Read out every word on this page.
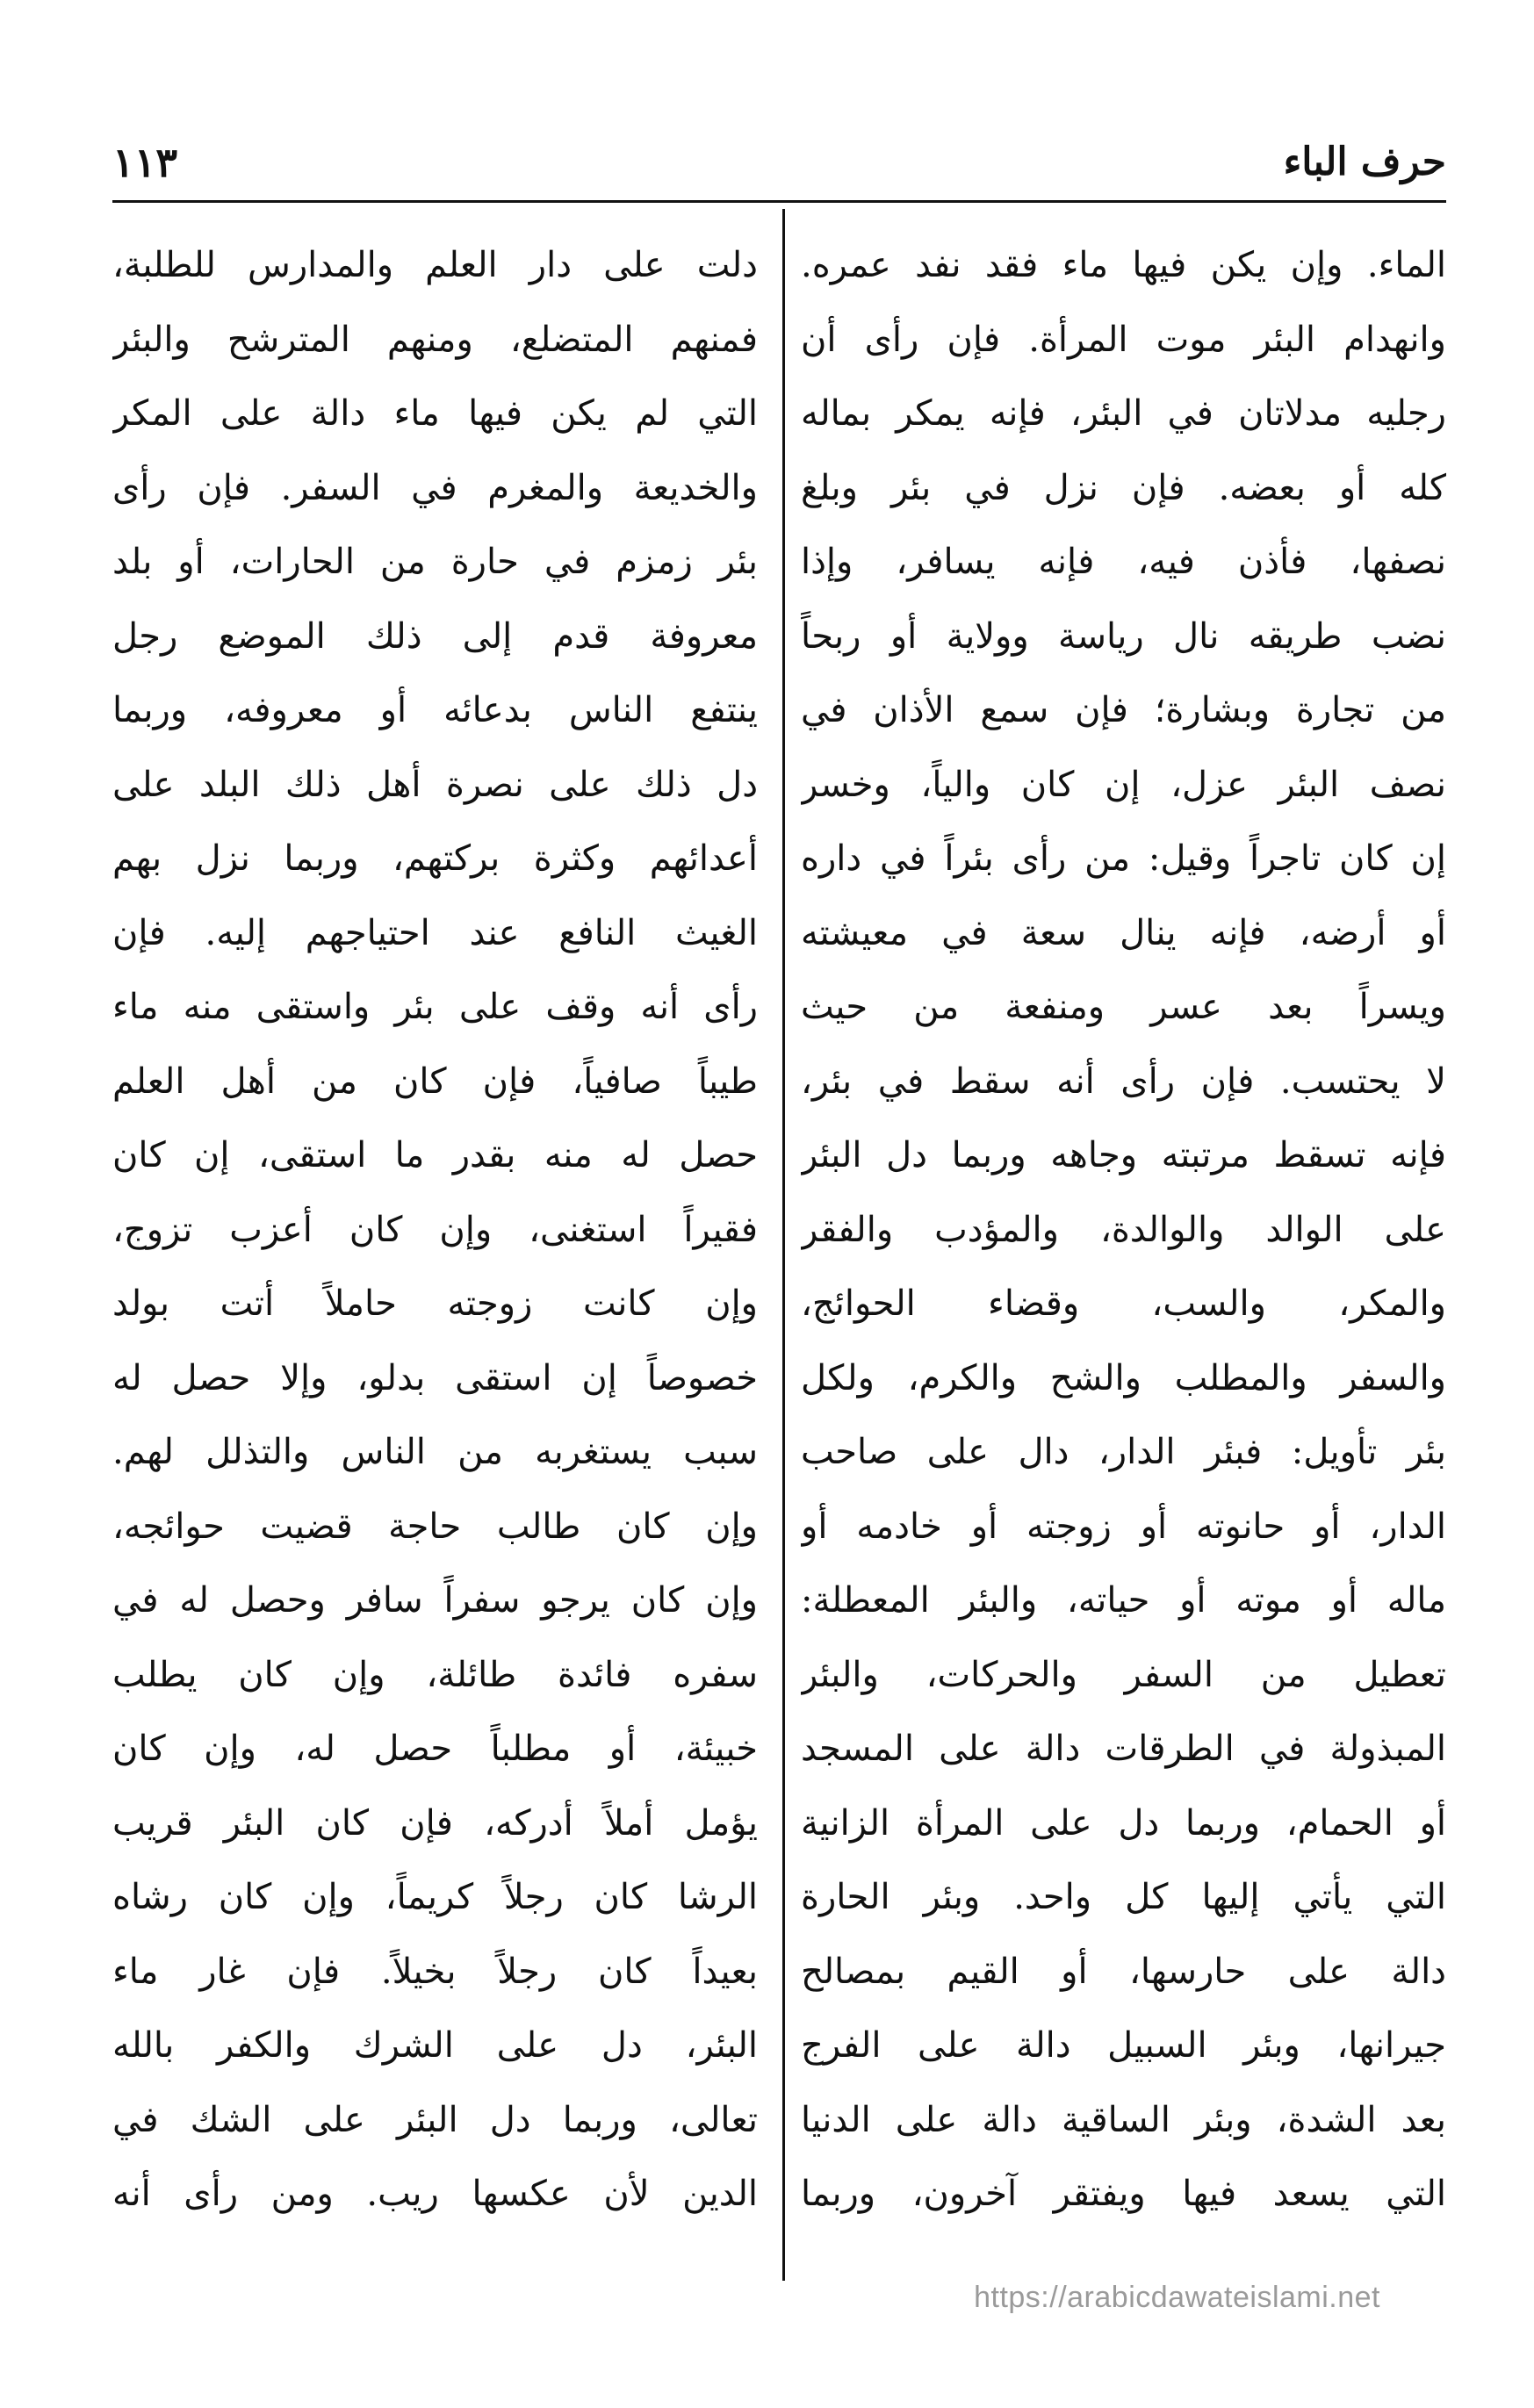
حرف الباء
١١٣
الماء. وإن يكن فيها ماء فقد نفد عمره.
وانهدام البئر موت المرأة. فإن رأى أن
رجليه مدلاتان في البئر، فإنه يمكر بماله
كله أو بعضه. فإن نزل في بئر وبلغ
نصفها، فأذن فيه، فإنه يسافر، وإذا
نضب طريقه نال رياسة وولاية أو ربحاً
من تجارة وبشارة؛ فإن سمع الأذان في
نصف البئر عزل، إن كان والياً، وخسر
إن كان تاجراً وقيل: من رأى بئراً في داره
أو أرضه، فإنه ينال سعة في معيشته
ويسراً بعد عسر ومنفعة من حيث
لا يحتسب. فإن رأى أنه سقط في بئر،
فإنه تسقط مرتبته وجاهه وربما دل البئر
على الوالد والوالدة، والمؤدب والفقر
والمكر، والسب، وقضاء الحوائج،
والسفر والمطلب والشح والكرم، ولكل
بئر تأويل: فبئر الدار، دال على صاحب
الدار، أو حانوته أو زوجته أو خادمه أو
ماله أو موته أو حياته، والبئر المعطلة:
تعطيل من السفر والحركات، والبئر
المبذولة في الطرقات دالة على المسجد
أو الحمام، وربما دل على المرأة الزانية
التي يأتي إليها كل واحد. وبئر الحارة
دالة على حارسها، أو القيم بمصالح
جيرانها، وبئر السبيل دالة على الفرج
بعد الشدة، وبئر الساقية دالة على الدنيا
التي يسعد فيها ويفتقر آخرون، وربما
دلت على دار العلم والمدارس للطلبة،
فمنهم المتضلع، ومنهم المترشح والبئر
التي لم يكن فيها ماء دالة على المكر
والخديعة والمغرم في السفر. فإن رأى
بئر زمزم في حارة من الحارات، أو بلد
معروفة قدم إلى ذلك الموضع رجل
ينتفع الناس بدعائه أو معروفه، وربما
دل ذلك على نصرة أهل ذلك البلد على
أعدائهم وكثرة بركتهم، وربما نزل بهم
الغيث النافع عند احتياجهم إليه. فإن
رأى أنه وقف على بئر واستقى منه ماء
طيباً صافياً، فإن كان من أهل العلم
حصل له منه بقدر ما استقى، إن كان
فقيراً استغنى، وإن كان أعزب تزوج،
وإن كانت زوجته حاملاً أتت بولد
خصوصاً إن استقى بدلو، وإلا حصل له
سبب يستغربه من الناس والتذلل لهم.
وإن كان طالب حاجة قضيت حوائجه،
وإن كان يرجو سفراً سافر وحصل له في
سفره فائدة طائلة، وإن كان يطلب
خبيئة، أو مطلباً حصل له، وإن كان
يؤمل أملاً أدركه، فإن كان البئر قريب
الرشا كان رجلاً كريماً، وإن كان رشاه
بعيداً كان رجلاً بخيلاً. فإن غار ماء
البئر، دل على الشرك والكفر بالله
تعالى، وربما دل البئر على الشك في
الدين لأن عكسها ريب. ومن رأى أنه
https://arabicdawateislami.net
